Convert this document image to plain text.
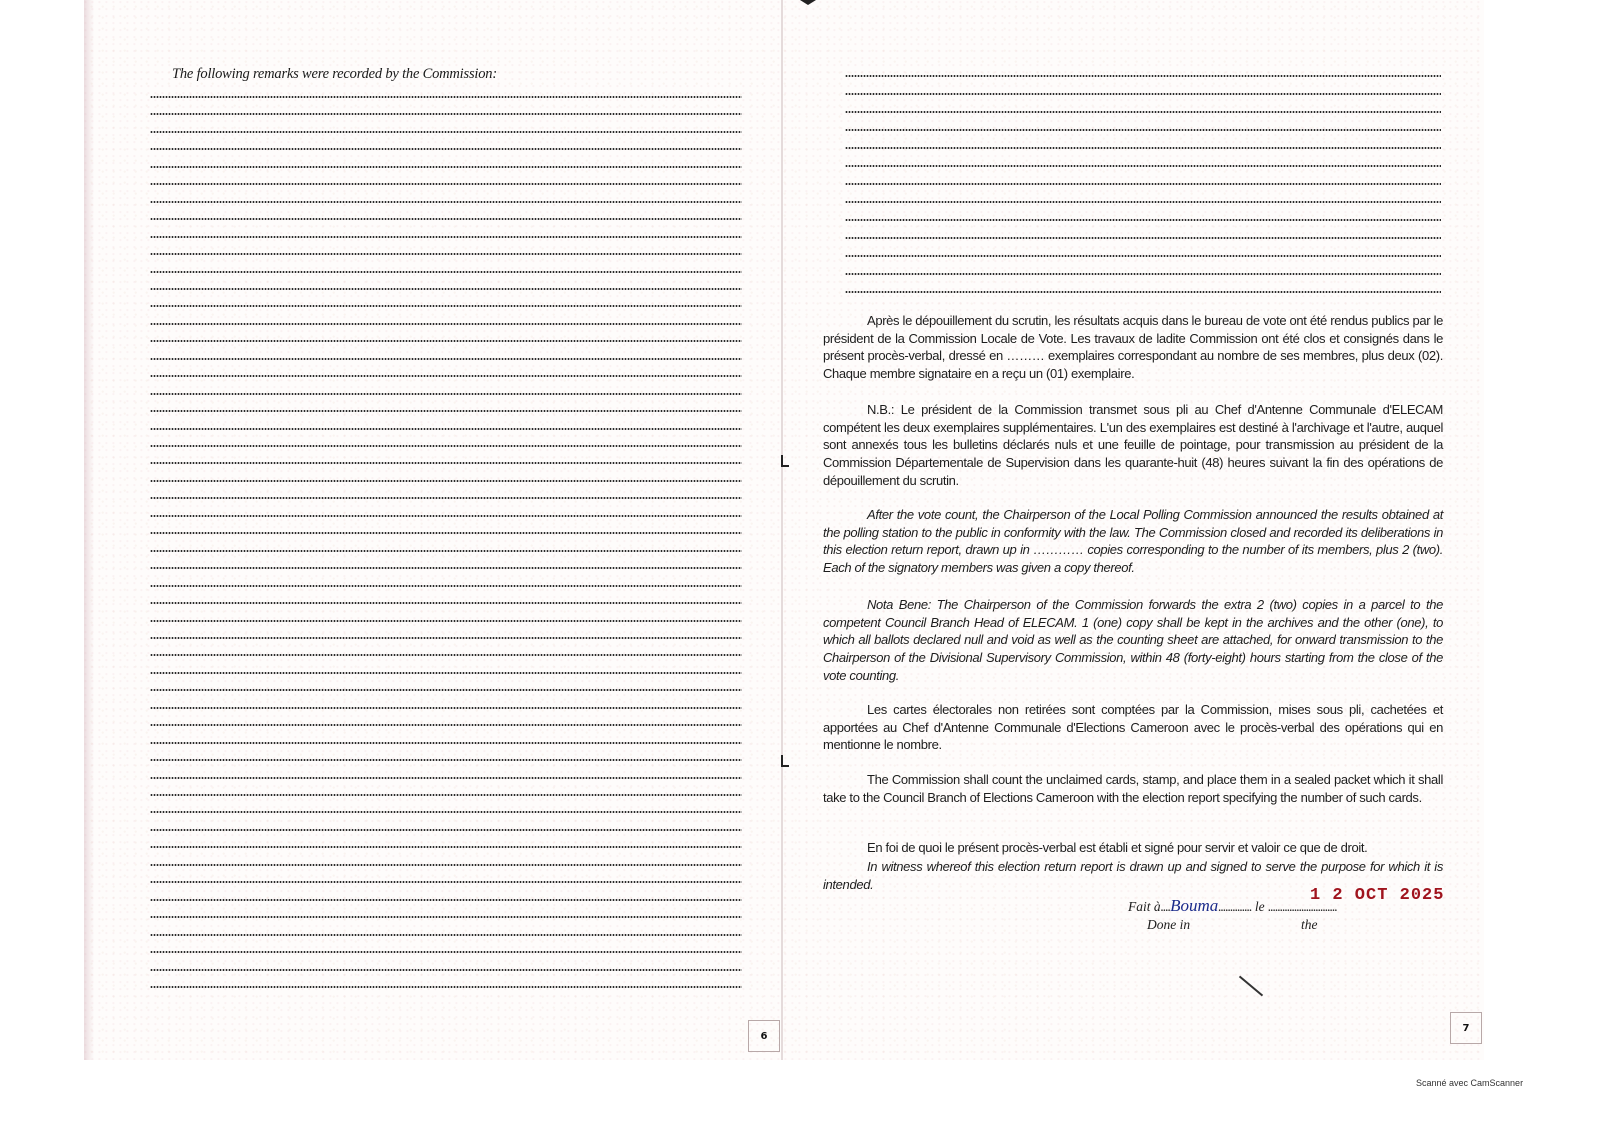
The following remarks were recorded by the Commission:
6
Après le dépouillement du scrutin, les résultats acquis dans le bureau de vote ont été rendus publics par le président de la Commission Locale de Vote. Les travaux de ladite Commission ont été clos et consignés dans le présent procès-verbal, dressé en ……… exemplaires correspondant au nombre de ses membres, plus deux (02). Chaque membre signataire en a reçu un (01) exemplaire.
N.B.: Le président de la Commission transmet sous pli au Chef d'Antenne Communale d'ELECAM compétent les deux exemplaires supplémentaires. L'un des exemplaires est destiné à l'archivage et l'autre, auquel sont annexés tous les bulletins déclarés nuls et une feuille de pointage, pour transmission au président de la Commission Départementale de Supervision dans les quarante-huit (48) heures suivant la fin des opérations de dépouillement du scrutin.
After the vote count, the Chairperson of the Local Polling Commission announced the results obtained at the polling station to the public in conformity with the law. The Commission closed and recorded its deliberations in this election return report, drawn up in ………… copies corresponding to the number of its members, plus 2 (two). Each of the signatory members was given a copy thereof.
Nota Bene: The Chairperson of the Commission forwards the extra 2 (two) copies in a parcel to the competent Council Branch Head of ELECAM. 1 (one) copy shall be kept in the archives and the other (one), to which all ballots declared null and void as well as the counting sheet are attached, for onward transmission to the Chairperson of the Divisional Supervisory Commission, within 48 (forty-eight) hours starting from the close of the vote counting.
Les cartes électorales non retirées sont comptées par la Commission, mises sous pli, cachetées et apportées au Chef d'Antenne Communale d'Elections Cameroon avec le procès-verbal des opérations qui en mentionne le nombre.
The Commission shall count the unclaimed cards, stamp, and place them in a sealed packet which it shall take to the Council Branch of Elections Cameroon with the election report specifying the number of such cards.
En foi de quoi le présent procès-verbal est établi et signé pour servir et valoir ce que de droit.
In witness whereof this election return report is drawn up and signed to serve the purpose for which it is intended.
Fait à....Bouma.............. le .............................
1 2 OCT 2025
Done in	the
7
Scanné avec CamScanner
